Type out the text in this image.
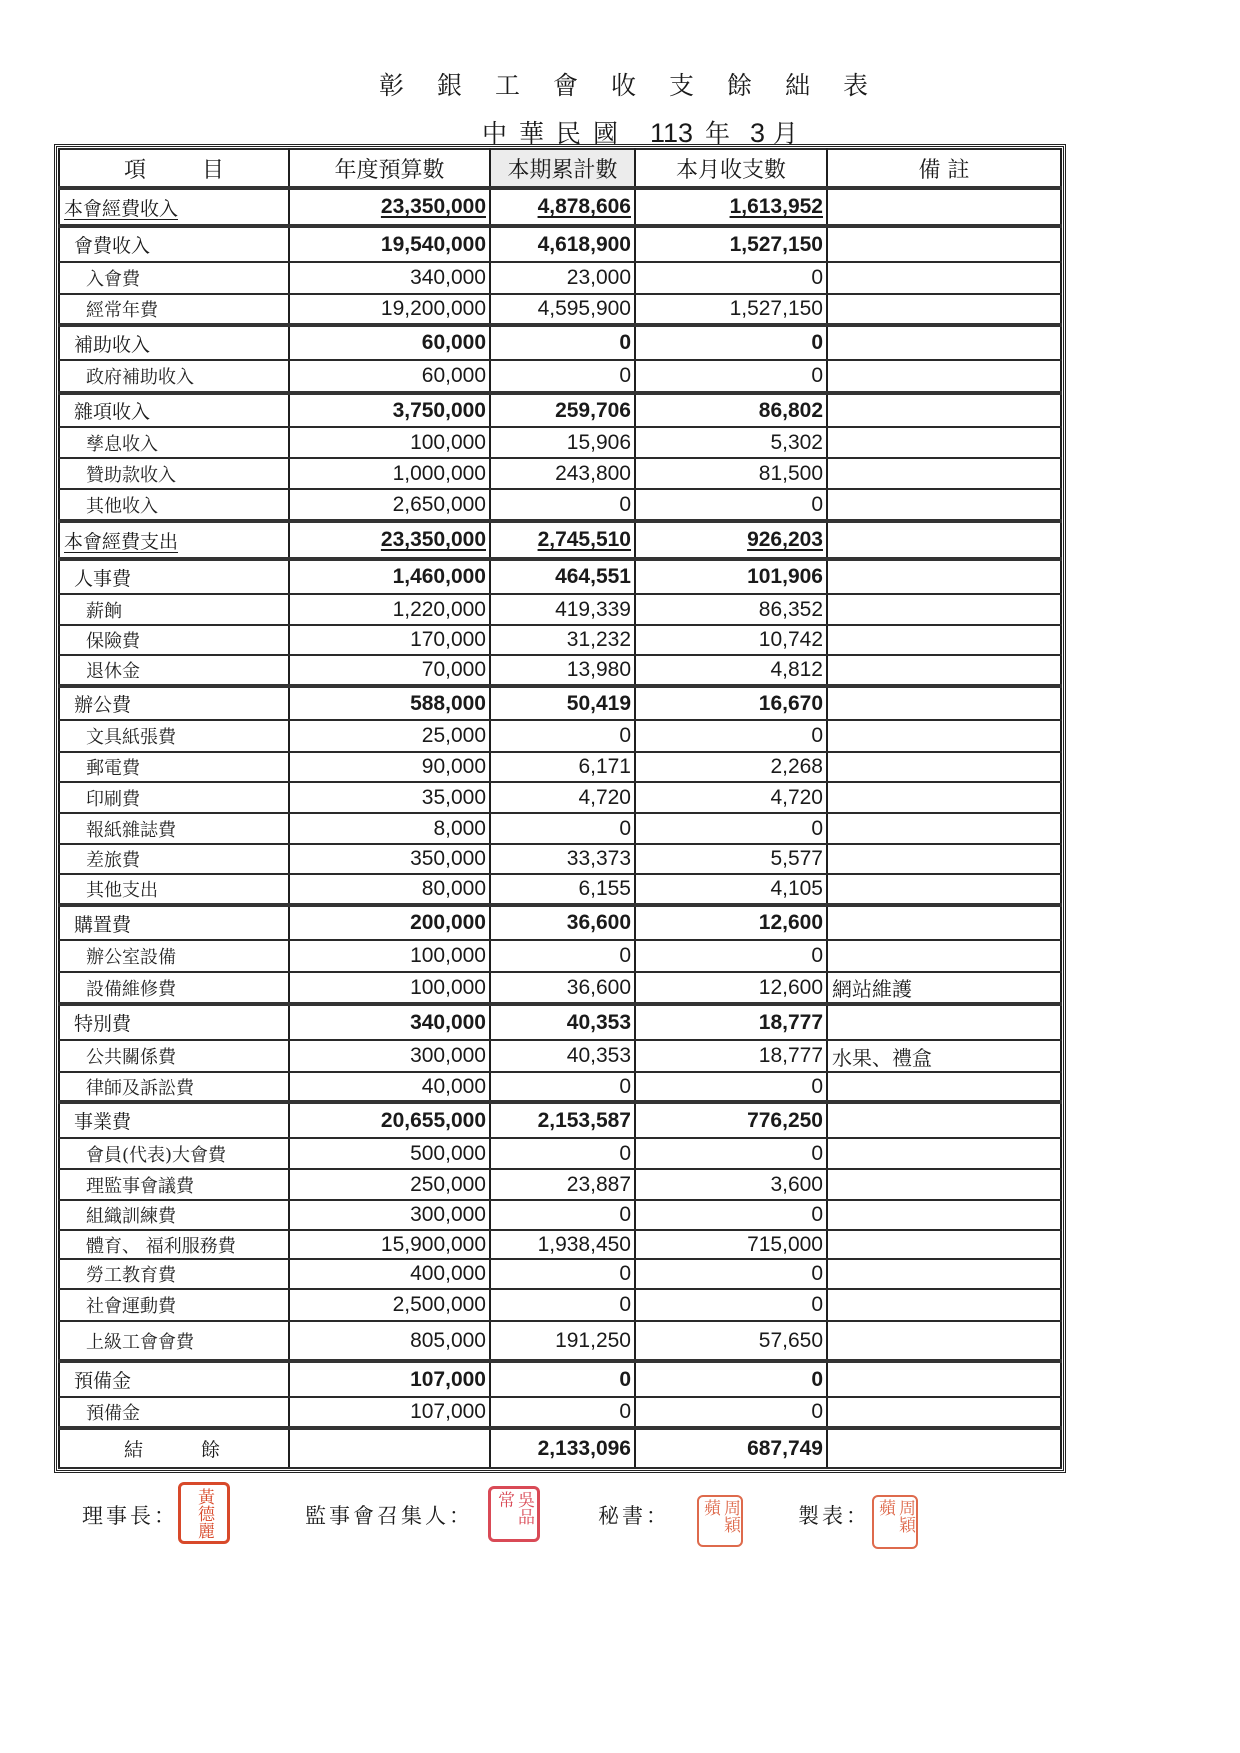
彰銀工會收支餘絀表
中華民國 113 年 3 月
項 目	年度預算數	本期累計數	本月收支數	備 註
本會經費收入	23,350,000	4,878,606	1,613,952	
會費收入	19,540,000	4,618,900	1,527,150	
入會費	340,000	23,000	0	
經常年費	19,200,000	4,595,900	1,527,150	
補助收入	60,000	0	0	
政府補助收入	60,000	0	0	
雜項收入	3,750,000	259,706	86,802	
孳息收入	100,000	15,906	5,302	
贊助款收入	1,000,000	243,800	81,500	
其他收入	2,650,000	0	0	
本會經費支出	23,350,000	2,745,510	926,203	
人事費	1,460,000	464,551	101,906	
薪餉	1,220,000	419,339	86,352	
保險費	170,000	31,232	10,742	
退休金	70,000	13,980	4,812	
辦公費	588,000	50,419	16,670	
文具紙張費	25,000	0	0	
郵電費	90,000	6,171	2,268	
印刷費	35,000	4,720	4,720	
報紙雜誌費	8,000	0	0	
差旅費	350,000	33,373	5,577	
其他支出	80,000	6,155	4,105	
購置費	200,000	36,600	12,600	
辦公室設備	100,000	0	0	
設備維修費	100,000	36,600	12,600	網站維護
特別費	340,000	40,353	18,777	
公共關係費	300,000	40,353	18,777	水果、禮盒
律師及訴訟費	40,000	0	0	
事業費	20,655,000	2,153,587	776,250	
會員(代表)大會費	500,000	0	0	
理監事會議費	250,000	23,887	3,600	
組織訓練費	300,000	0	0	
體育、 福利服務費	15,900,000	1,938,450	715,000	
勞工教育費	400,000	0	0	
社會運動費	2,500,000	0	0	
上級工會會費	805,000	191,250	57,650	
預備金	107,000	0	0	
預備金	107,000	0	0	
結 餘		2,133,096	687,749	
理事長： 黃德麗	監事會召集人：	吳品常
秘書：	周穎蘋	製表：	周穎蘋
